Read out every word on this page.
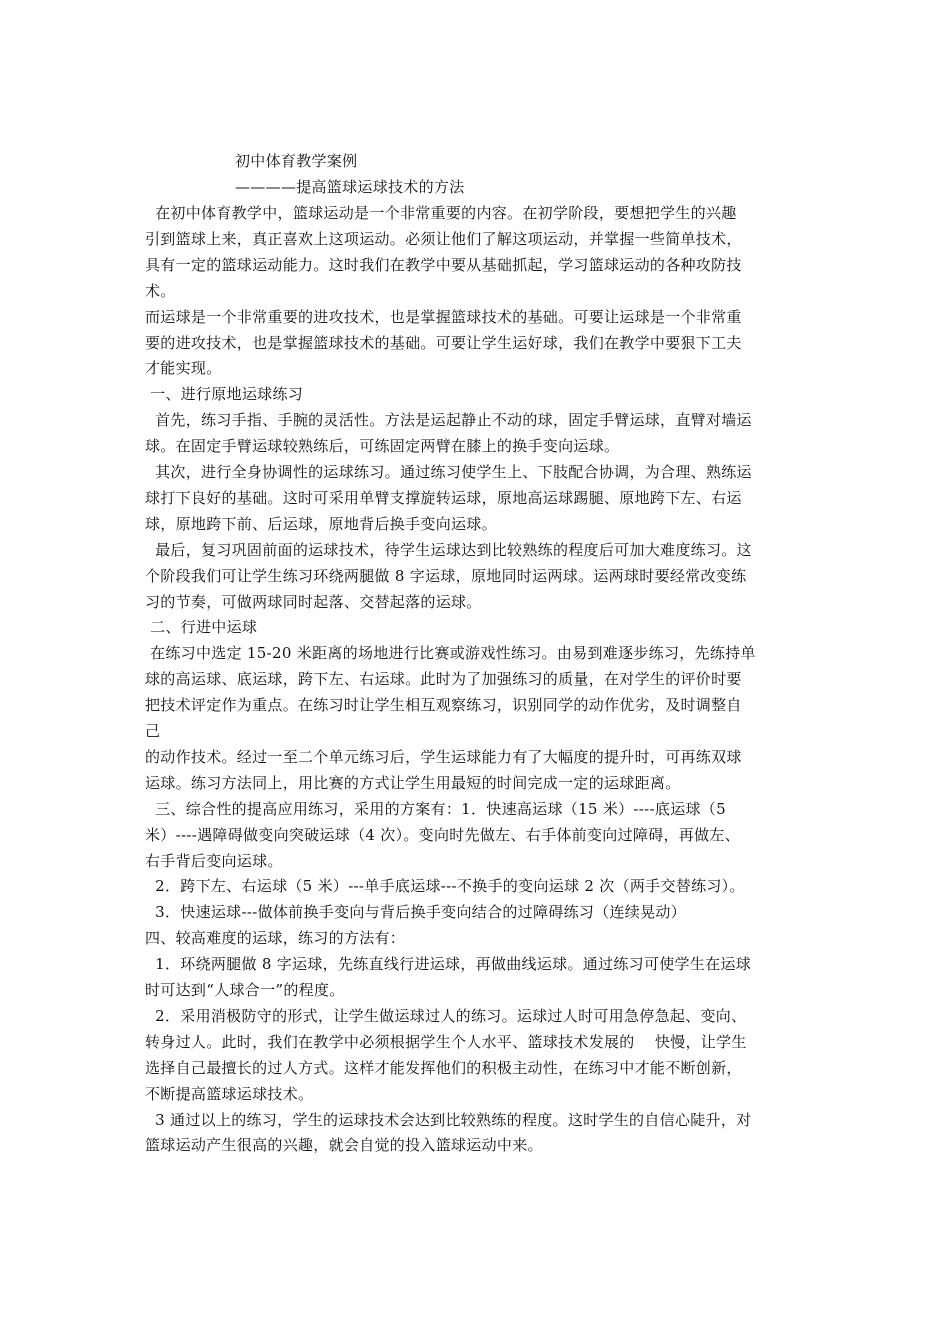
初中体育教学案例
————提高篮球运球技术的方法
在初中体育教学中，篮球运动是一个非常重要的内容。在初学阶段，要想把学生的兴趣
引到篮球上来，真正喜欢上这项运动。必须让他们了解这项运动，并掌握一些简单技术，
具有一定的篮球运动能力。这时我们在教学中要从基础抓起，学习篮球运动的各种攻防技
术。
而运球是一个非常重要的进攻技术，也是掌握篮球技术的基础。可要让运球是一个非常重
要的进攻技术，也是掌握篮球技术的基础。可要让学生运好球，我们在教学中要狠下工夫
才能实现。
一、进行原地运球练习
首先，练习手指、手腕的灵活性。方法是运起静止不动的球，固定手臂运球，直臂对墙运
球。在固定手臂运球较熟练后，可练固定两臂在膝上的换手变向运球。
其次，进行全身协调性的运球练习。通过练习使学生上、下肢配合协调，为合理、熟练运
球打下良好的基础。这时可采用单臂支撑旋转运球，原地高运球踢腿、原地跨下左、右运
球，原地跨下前、后运球，原地背后换手变向运球。
最后，复习巩固前面的运球技术，待学生运球达到比较熟练的程度后可加大难度练习。这
个阶段我们可让学生练习环绕两腿做 8 字运球，原地同时运两球。运两球时要经常改变练
习的节奏，可做两球同时起落、交替起落的运球。
二、行进中运球
在练习中选定 15-20 米距离的场地进行比赛或游戏性练习。由易到难逐步练习，先练持单
球的高运球、底运球，跨下左、右运球。此时为了加强练习的质量，在对学生的评价时要
把技术评定作为重点。在练习时让学生相互观察练习，识别同学的动作优劣，及时调整自
己
的动作技术。经过一至二个单元练习后，学生运球能力有了大幅度的提升时，可再练双球
运球。练习方法同上，用比赛的方式让学生用最短的时间完成一定的运球距离。
三、综合性的提高应用练习，采用的方案有：1．快速高运球（15 米）----底运球（5
米）----遇障碍做变向突破运球（4 次）。变向时先做左、右手体前变向过障碍，再做左、
右手背后变向运球。
2．跨下左、右运球（5 米）---单手底运球---不换手的变向运球 2 次（两手交替练习）。
3．快速运球---做体前换手变向与背后换手变向结合的过障碍练习（连续晃动）
四、较高难度的运球，练习的方法有：
1．环绕两腿做 8 字运球，先练直线行进运球，再做曲线运球。通过练习可使学生在运球
时可达到“人球合一”的程度。
2．采用消极防守的形式，让学生做运球过人的练习。运球过人时可用急停急起、变向、
转身过人。此时，我们在教学中必须根据学生个人水平、篮球技术发展的    快慢，让学生
选择自己最擅长的过人方式。这样才能发挥他们的积极主动性，在练习中才能不断创新，
不断提高篮球运球技术。
3 通过以上的练习，学生的运球技术会达到比较熟练的程度。这时学生的自信心陡升，对
篮球运动产生很高的兴趣，就会自觉的投入篮球运动中来。
